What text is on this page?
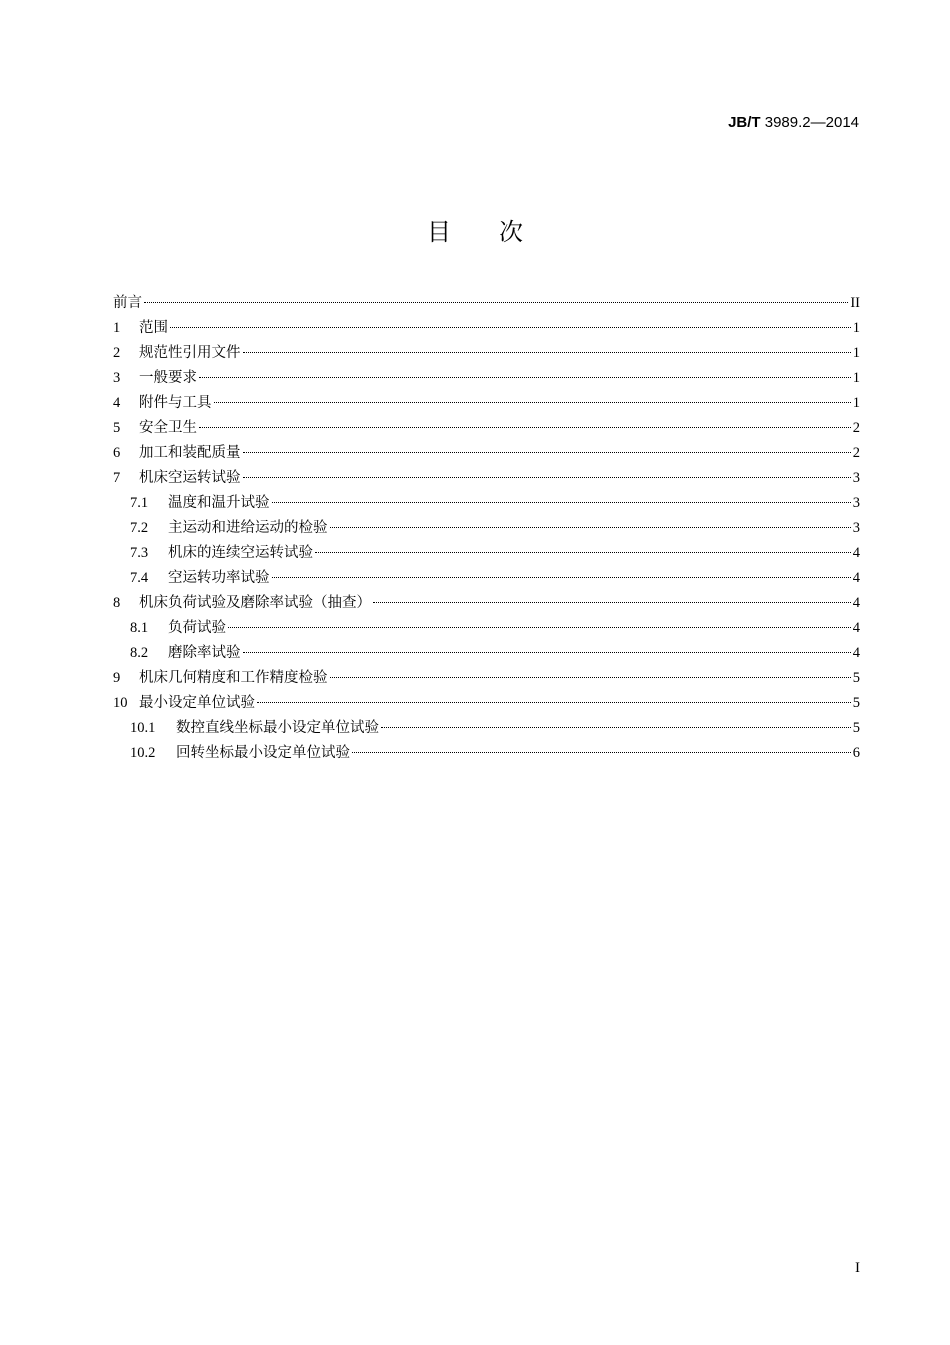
JB/T 3989.2—2014
目次
前言	II
1	范围	1
2	规范性引用文件	1
3	一般要求	1
4	附件与工具	1
5	安全卫生	2
6	加工和装配质量	2
7	机床空运转试验	3
7.1	温度和温升试验	3
7.2	主运动和进给运动的检验	3
7.3	机床的连续空运转试验	4
7.4	空运转功率试验	4
8	机床负荷试验及磨除率试验（抽查）	4
8.1	负荷试验	4
8.2	磨除率试验	4
9	机床几何精度和工作精度检验	5
10 最小设定单位试验	5
10.1	数控直线坐标最小设定单位试验	5
10.2	回转坐标最小设定单位试验	6
I
